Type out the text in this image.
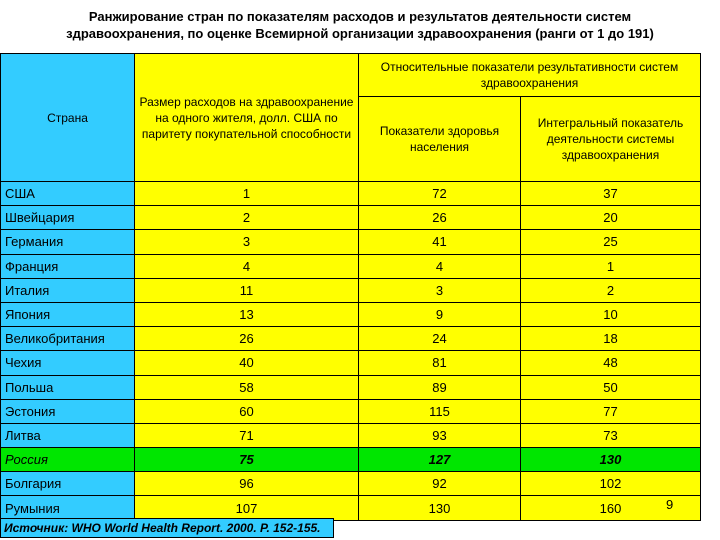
Ранжирование стран по показателям расходов и результатов деятельности систем
здравоохранения, по оценке Всемирной организации здравоохранения (ранги от 1 до 191)
Страна	Размер расходов на здравоохранение на одного жителя, долл. США по паритету покупательной способности	Относительные показатели результативности систем здравоохранения	
		Показатели здоровья населения	Интегральный показатель деятельности системы здравоохранения
США	1	72	37
Швейцария	2	26	20
Германия	3	41	25
Франция	4	4	1
Италия	11	3	2
Япония	13	9	10
Великобритания	26	24	18
Чехия	40	81	48
Польша	58	89	50
Эстония	60	115	77
Литва	71	93	73
Россия	75	127	130
Болгария	96	92	102
Румыния	107	130	160
Источник: WHO World Health Report. 2000. P. 152-155.
9
